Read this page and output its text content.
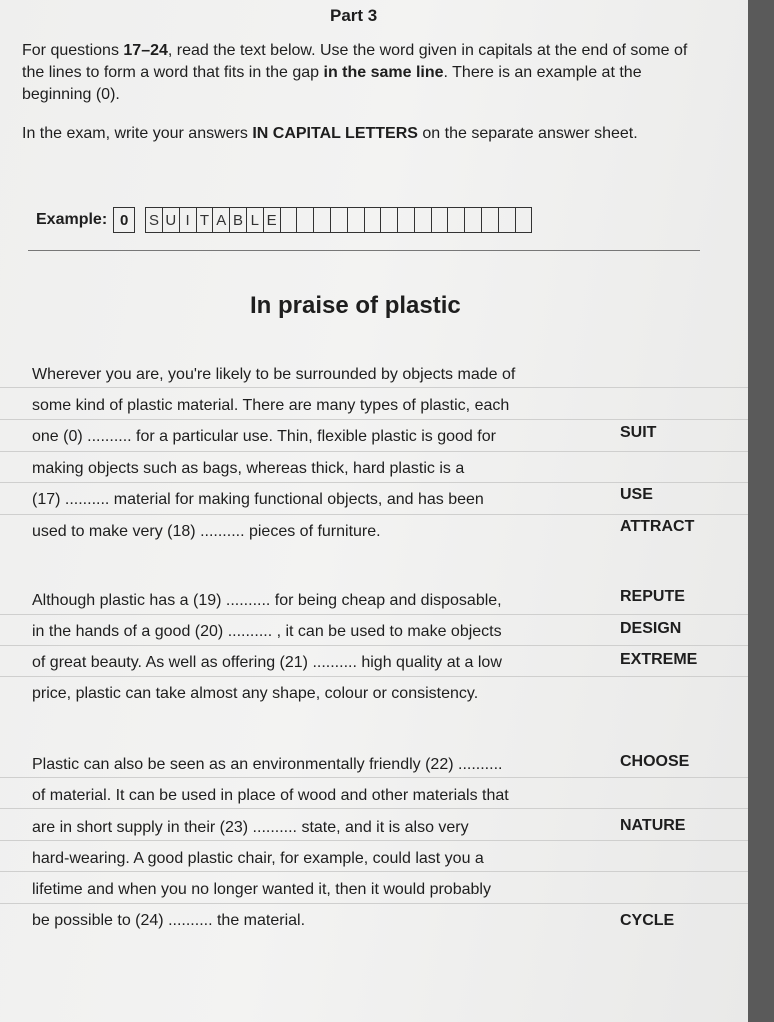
Part 3
For questions 17–24, read the text below. Use the word given in capitals at the end of some of the lines to form a word that fits in the gap in the same line. There is an example at the beginning (0).
In the exam, write your answers IN CAPITAL LETTERS on the separate answer sheet.
Example: 0	S U I T A B L E
In praise of plastic
Wherever you are, you're likely to be surrounded by objects made of
some kind of plastic material. There are many types of plastic, each
one (0) .......... for a particular use. Thin, flexible plastic is good for
making objects such as bags, whereas thick, hard plastic is a
(17) .......... material for making functional objects, and has been
used to make very (18) .......... pieces of furniture.
Although plastic has a (19) .......... for being cheap and disposable,
in the hands of a good (20) .......... , it can be used to make objects
of great beauty. As well as offering (21) .......... high quality at a low
price, plastic can take almost any shape, colour or consistency.
Plastic can also be seen as an environmentally friendly (22) ..........
of material. It can be used in place of wood and other materials that
are in short supply in their (23) .......... state, and it is also very
hard-wearing. A good plastic chair, for example, could last you a
lifetime and when you no longer wanted it, then it would probably
be possible to (24) .......... the material.
SUIT
USE
ATTRACT
REPUTE
DESIGN
EXTREME
CHOOSE
NATURE
CYCLE
